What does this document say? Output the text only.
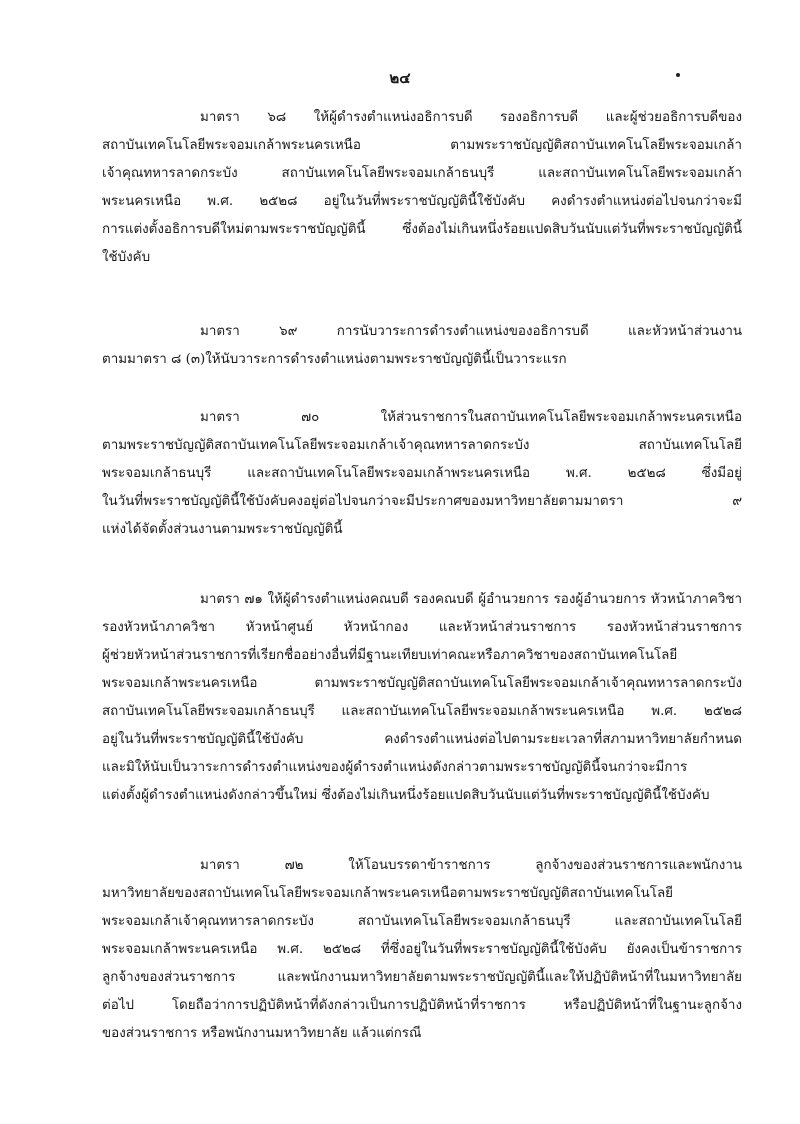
๒๔
มาตรา ๖๘ ให้ผู้ดำรงตำแหน่งอธิการบดี รองอธิการบดี และผู้ช่วยอธิการบดีของ
สถาบันเทคโนโลยีพระจอมเกล้าพระนครเหนือ ตามพระราชบัญญัติสถาบันเทคโนโลยีพระจอมเกล้า
เจ้าคุณทหารลาดกระบัง สถาบันเทคโนโลยีพระจอมเกล้าธนบุรี และสถาบันเทคโนโลยีพระจอมเกล้า
พระนครเหนือ พ.ศ. ๒๕๒๘ อยู่ในวันที่พระราชบัญญัตินี้ใช้บังคับ คงดำรงตำแหน่งต่อไปจนกว่าจะมี
การแต่งตั้งอธิการบดีใหม่ตามพระราชบัญญัตินี้ ซึ่งต้องไม่เกินหนึ่งร้อยแปดสิบวันนับแต่วันที่พระราชบัญญัตินี้
ใช้บังคับ
มาตรา ๖๙ การนับวาระการดำรงตำแหน่งของอธิการบดี และหัวหน้าส่วนงาน
ตามมาตรา ๘ (๓)ให้นับวาระการดำรงตำแหน่งตามพระราชบัญญัตินี้เป็นวาระแรก
มาตรา ๗๐ ให้ส่วนราชการในสถาบันเทคโนโลยีพระจอมเกล้าพระนครเหนือ
ตามพระราชบัญญัติสถาบันเทคโนโลยีพระจอมเกล้าเจ้าคุณทหารลาดกระบัง สถาบันเทคโนโลยี
พระจอมเกล้าธนบุรี และสถาบันเทคโนโลยีพระจอมเกล้าพระนครเหนือ พ.ศ. ๒๕๒๘ ซึ่งมีอยู่
ในวันที่พระราชบัญญัตินี้ใช้บังคับคงอยู่ต่อไปจนกว่าจะมีประกาศของมหาวิทยาลัยตามมาตรา ๙
แห่งได้จัดตั้งส่วนงานตามพระราชบัญญัตินี้
มาตรา ๗๑ ให้ผู้ดำรงตำแหน่งคณบดี รองคณบดี ผู้อำนวยการ รองผู้อำนวยการ หัวหน้าภาควิชา
รองหัวหน้าภาควิชา หัวหน้าศูนย์ หัวหน้ากอง และหัวหน้าส่วนราชการ รองหัวหน้าส่วนราชการ
ผู้ช่วยหัวหน้าส่วนราชการที่เรียกชื่ออย่างอื่นที่มีฐานะเทียบเท่าคณะหรือภาควิชาของสถาบันเทคโนโลยี
พระจอมเกล้าพระนครเหนือ ตามพระราชบัญญัติสถาบันเทคโนโลยีพระจอมเกล้าเจ้าคุณทหารลาดกระบัง
สถาบันเทคโนโลยีพระจอมเกล้าธนบุรี และสถาบันเทคโนโลยีพระจอมเกล้าพระนครเหนือ พ.ศ. ๒๕๒๘
อยู่ในวันที่พระราชบัญญัตินี้ใช้บังคับ คงดำรงตำแหน่งต่อไปตามระยะเวลาที่สภามหาวิทยาลัยกำหนด
และมิให้นับเป็นวาระการดำรงตำแหน่งของผู้ดำรงตำแหน่งดังกล่าวตามพระราชบัญญัตินี้จนกว่าจะมีการ
แต่งตั้งผู้ดำรงตำแหน่งดังกล่าวขึ้นใหม่ ซึ่งต้องไม่เกินหนึ่งร้อยแปดสิบวันนับแต่วันที่พระราชบัญญัตินี้ใช้บังคับ
มาตรา ๗๒ ให้โอนบรรดาข้าราชการ ลูกจ้างของส่วนราชการและพนักงาน
มหาวิทยาลัยของสถาบันเทคโนโลยีพระจอมเกล้าพระนครเหนือตามพระราชบัญญัติสถาบันเทคโนโลยี
พระจอมเกล้าเจ้าคุณทหารลาดกระบัง สถาบันเทคโนโลยีพระจอมเกล้าธนบุรี และสถาบันเทคโนโลยี
พระจอมเกล้าพระนครเหนือ พ.ศ. ๒๕๒๘ ที่ซึ่งอยู่ในวันที่พระราชบัญญัตินี้ใช้บังคับ ยังคงเป็นข้าราชการ
ลูกจ้างของส่วนราชการ และพนักงานมหาวิทยาลัยตามพระราชบัญญัตินี้และให้ปฏิบัติหน้าที่ในมหาวิทยาลัย
ต่อไป โดยถือว่าการปฏิบัติหน้าที่ดังกล่าวเป็นการปฏิบัติหน้าที่ราชการ หรือปฏิบัติหน้าที่ในฐานะลูกจ้าง
ของส่วนราชการ หรือพนักงานมหาวิทยาลัย แล้วแต่กรณี
